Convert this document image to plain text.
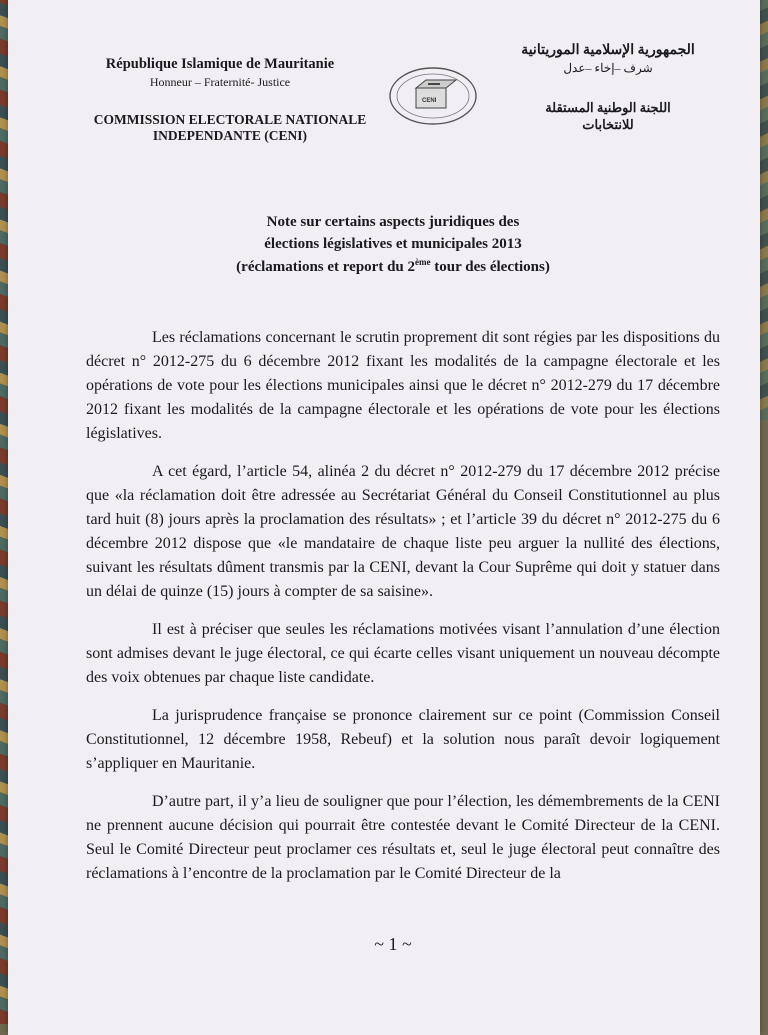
République Islamique de Mauritanie
Honneur – Fraternité- Justice
COMMISSION ELECTORALE NATIONALE
INDEPENDANTE (CENI)
CENI
الجمهورية الإسلامية الموريتانية
شرف –إخاء –عدل
اللجنة الوطنية المستقلة
للانتخابات
Note sur certains aspects juridiques des
élections législatives et municipales 2013
(réclamations et report du 2ème tour des élections)

Les réclamations concernant le scrutin proprement dit sont régies par les dispositions du décret n° 2012-275 du 6 décembre 2012 fixant les modalités de la campagne électorale et les opérations de vote pour les élections municipales ainsi que le décret n° 2012-279 du 17 décembre 2012 fixant les modalités de la campagne électorale et les opérations de vote pour les élections législatives.

A cet égard, l’article 54, alinéa 2 du décret n° 2012-279 du 17 décembre 2012 précise que «la réclamation doit être adressée au Secrétariat Général du Conseil Constitutionnel au plus tard huit (8) jours après la proclamation des résultats» ; et l’article 39 du décret n° 2012-275 du 6 décembre 2012 dispose que «le mandataire de chaque liste peu arguer la nullité des élections, suivant les résultats dûment transmis par la CENI, devant la Cour Suprême qui doit y statuer dans un délai de quinze (15) jours à compter de sa saisine».

Il est à préciser que seules les réclamations motivées visant l’annulation d’une élection sont admises devant le juge électoral, ce qui écarte celles visant uniquement un nouveau décompte des voix obtenues par chaque liste candidate.

La jurisprudence française se prononce clairement sur ce point (Commission Conseil Constitutionnel, 12 décembre 1958, Rebeuf) et la solution nous paraît devoir logiquement s’appliquer en Mauritanie.

D’autre part, il y’a lieu de souligner que pour l’élection, les démembrements de la CENI ne prennent aucune décision qui pourrait être contestée devant le Comité Directeur de la CENI. Seul le Comité Directeur peut proclamer ces résultats et, seul le juge électoral peut connaître des réclamations à l’encontre de la proclamation par le Comité Directeur de la

~ 1 ~
